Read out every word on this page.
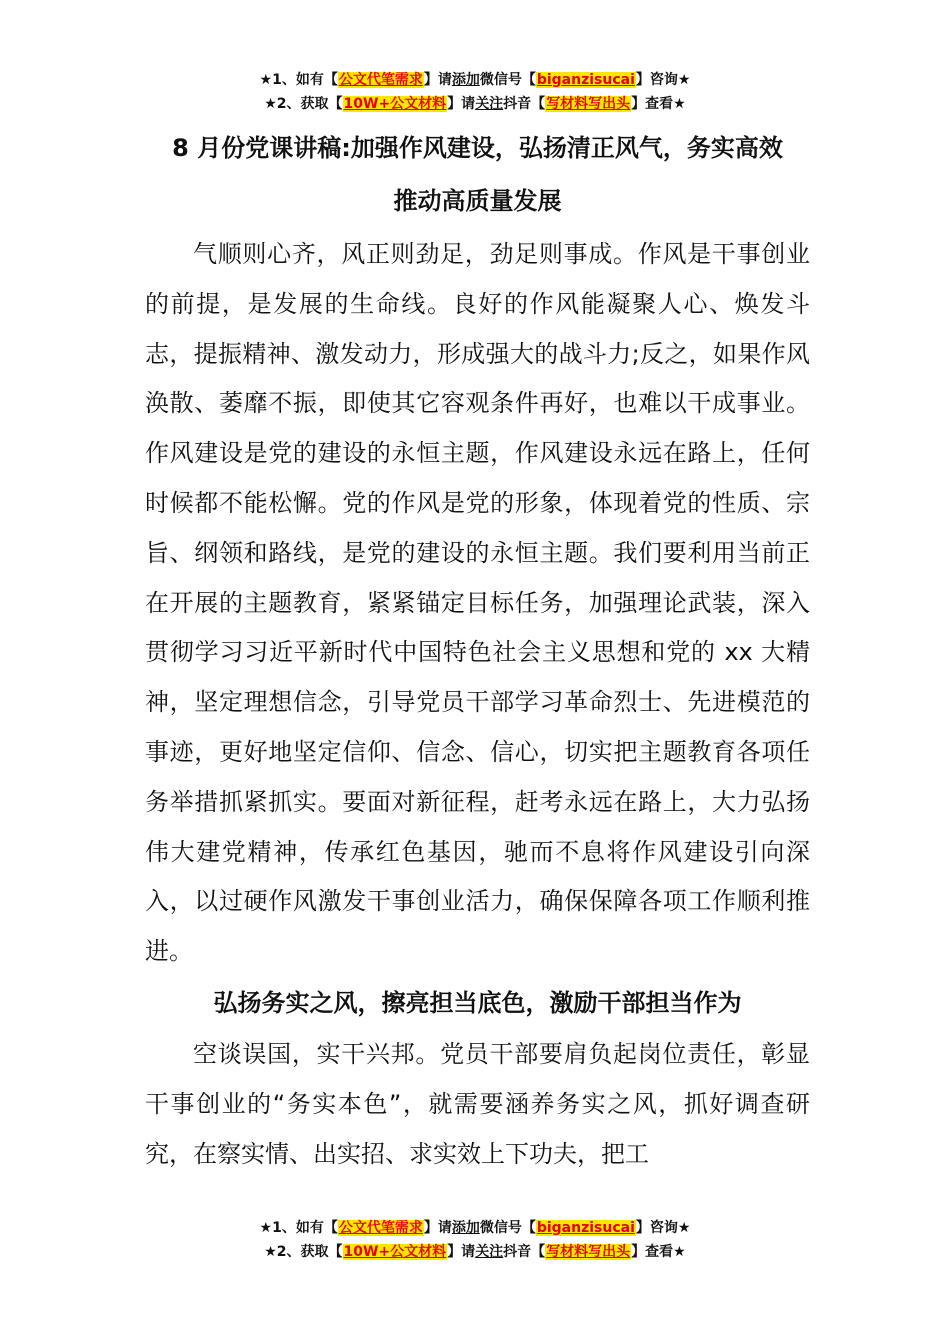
★1、如有【公文代笔需求】请添加微信号【biganzisucai】咨询★
★2、获取【10W+公文材料】请关注抖音【写材料写出头】查看★
8 月份党课讲稿:加强作风建设，弘扬清正风气，务实高效
推动高质量发展

气顺则心齐，风正则劲足，劲足则事成。作风是干事创业的前提，是发展的生命线。良好的作风能凝聚人心、焕发斗志，提振精神、激发动力，形成强大的战斗力;反之，如果作风涣散、萎靡不振，即使其它容观条件再好，也难以干成事业。作风建设是党的建设的永恒主题，作风建设永远在路上，任何时候都不能松懈。党的作风是党的形象，体现着党的性质、宗旨、纲领和路线，是党的建设的永恒主题。我们要利用当前正在开展的主题教育，紧紧锚定目标任务，加强理论武装，深入贯彻学习习近平新时代中国特色社会主义思想和党的 xx 大精神，坚定理想信念，引导党员干部学习革命烈士、先进模范的事迹，更好地坚定信仰、信念、信心，切实把主题教育各项任务举措抓紧抓实。要面对新征程，赶考永远在路上，大力弘扬伟大建党精神，传承红色基因，驰而不息将作风建设引向深入，以过硬作风激发干事创业活力，确保保障各项工作顺利推进。

弘扬务实之风，擦亮担当底色，激励干部担当作为

空谈误国，实干兴邦。党员干部要肩负起岗位责任，彰显干事创业的“务实本色”，就需要涵养务实之风，抓好调查研究，在察实情、出实招、求实效上下功夫，把工

★1、如有【公文代笔需求】请添加微信号【biganzisucai】咨询★
★2、获取【10W+公文材料】请关注抖音【写材料写出头】查看★
